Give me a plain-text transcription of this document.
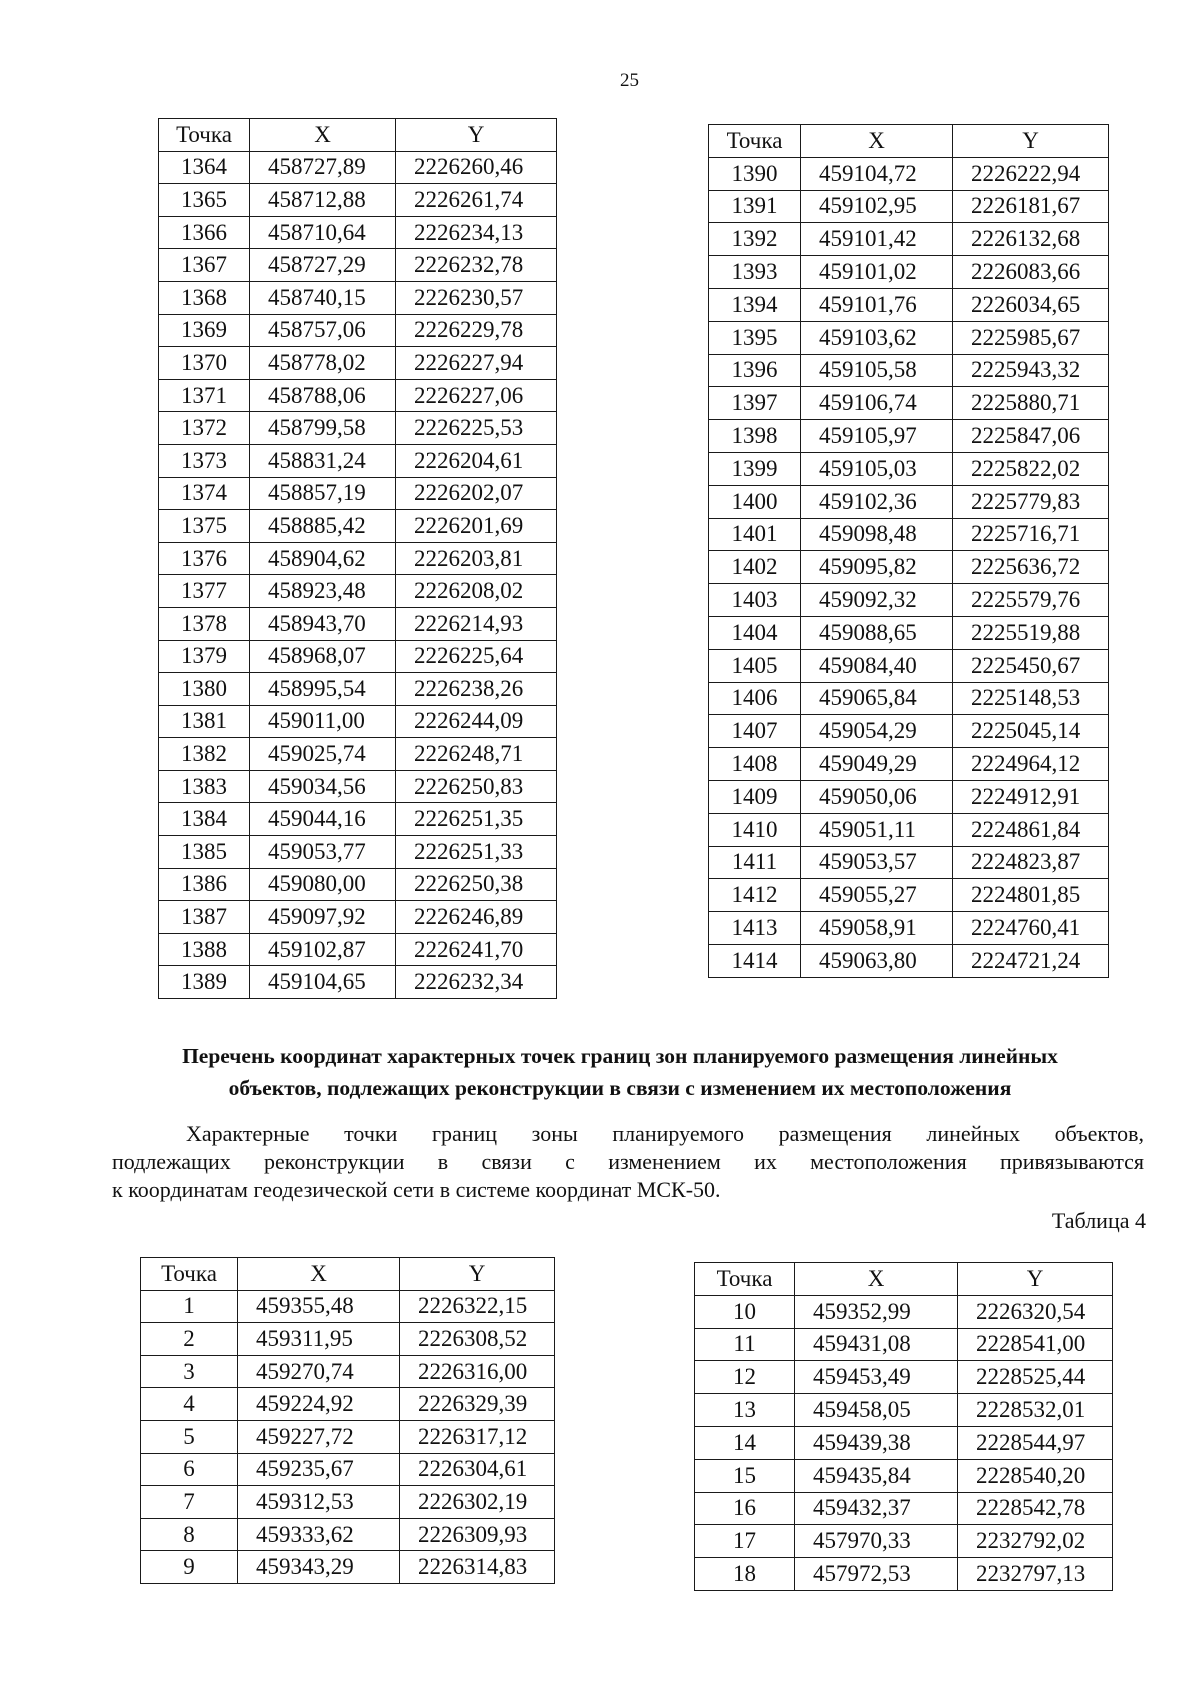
25
Точка	X	Y
1364	458727,89	2226260,46
1365	458712,88	2226261,74
1366	458710,64	2226234,13
1367	458727,29	2226232,78
1368	458740,15	2226230,57
1369	458757,06	2226229,78
1370	458778,02	2226227,94
1371	458788,06	2226227,06
1372	458799,58	2226225,53
1373	458831,24	2226204,61
1374	458857,19	2226202,07
1375	458885,42	2226201,69
1376	458904,62	2226203,81
1377	458923,48	2226208,02
1378	458943,70	2226214,93
1379	458968,07	2226225,64
1380	458995,54	2226238,26
1381	459011,00	2226244,09
1382	459025,74	2226248,71
1383	459034,56	2226250,83
1384	459044,16	2226251,35
1385	459053,77	2226251,33
1386	459080,00	2226250,38
1387	459097,92	2226246,89
1388	459102,87	2226241,70
1389	459104,65	2226232,34
Точка	X	Y
1390	459104,72	2226222,94
1391	459102,95	2226181,67
1392	459101,42	2226132,68
1393	459101,02	2226083,66
1394	459101,76	2226034,65
1395	459103,62	2225985,67
1396	459105,58	2225943,32
1397	459106,74	2225880,71
1398	459105,97	2225847,06
1399	459105,03	2225822,02
1400	459102,36	2225779,83
1401	459098,48	2225716,71
1402	459095,82	2225636,72
1403	459092,32	2225579,76
1404	459088,65	2225519,88
1405	459084,40	2225450,67
1406	459065,84	2225148,53
1407	459054,29	2225045,14
1408	459049,29	2224964,12
1409	459050,06	2224912,91
1410	459051,11	2224861,84
1411	459053,57	2224823,87
1412	459055,27	2224801,85
1413	459058,91	2224760,41
1414	459063,80	2224721,24
Перечень координат характерных точек границ зон планируемого размещения линейных
объектов, подлежащих реконструкции в связи с изменением их местоположения
Характерные точки границ зоны планируемого размещения линейных объектов,
подлежащих реконструкции в связи с изменением их местоположения привязываются
к координатам геодезической сети в системе координат МСК-50.
Таблица 4
Точка	X	Y
1	459355,48	2226322,15
2	459311,95	2226308,52
3	459270,74	2226316,00
4	459224,92	2226329,39
5	459227,72	2226317,12
6	459235,67	2226304,61
7	459312,53	2226302,19
8	459333,62	2226309,93
9	459343,29	2226314,83
Точка	X	Y
10	459352,99	2226320,54
11	459431,08	2228541,00
12	459453,49	2228525,44
13	459458,05	2228532,01
14	459439,38	2228544,97
15	459435,84	2228540,20
16	459432,37	2228542,78
17	457970,33	2232792,02
18	457972,53	2232797,13
